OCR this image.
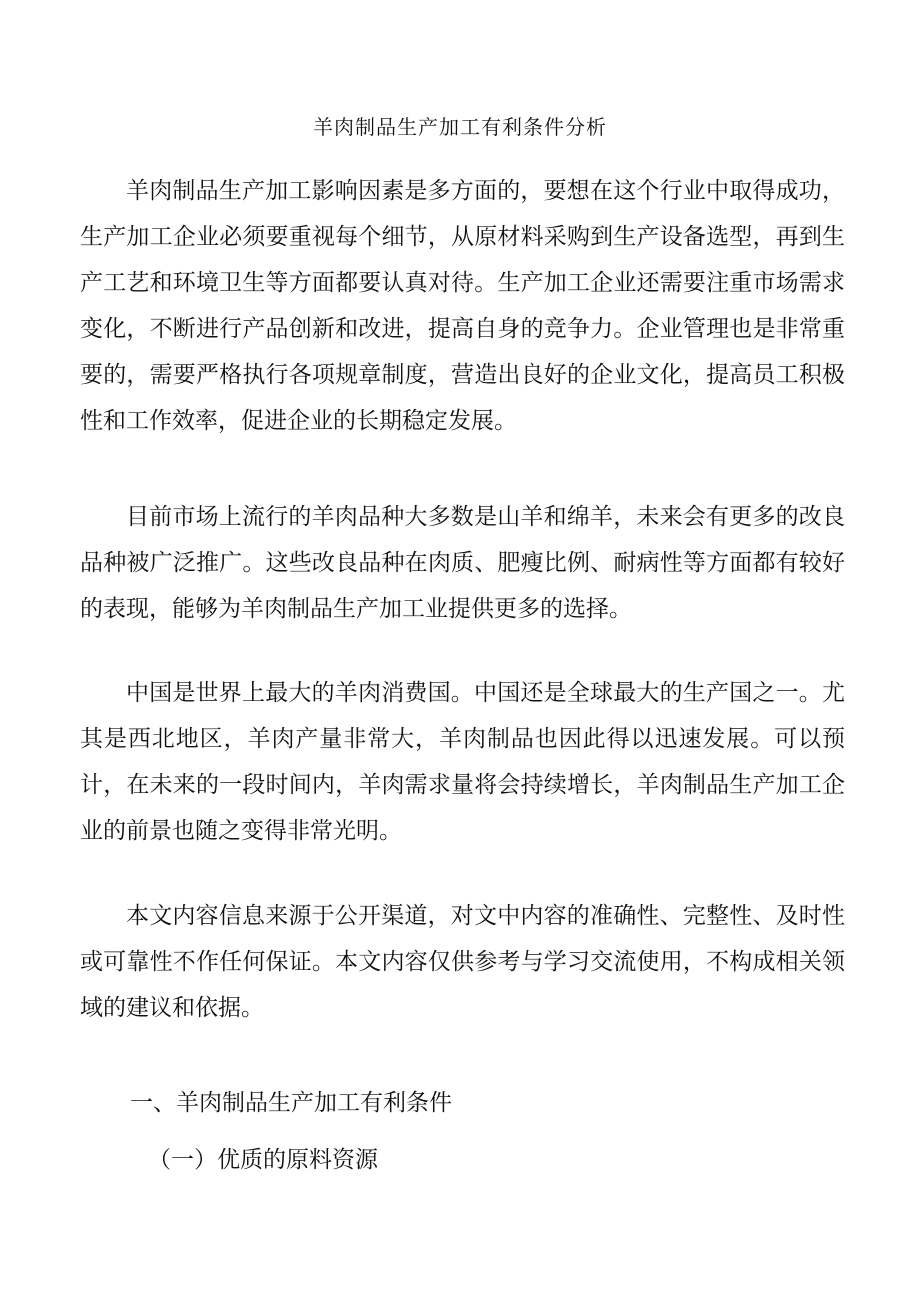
羊肉制品生产加工有利条件分析

羊肉制品生产加工影响因素是多方面的，要想在这个行业中取得成功，生产加工企业必须要重视每个细节，从原材料采购到生产设备选型，再到生产工艺和环境卫生等方面都要认真对待。生产加工企业还需要注重市场需求变化，不断进行产品创新和改进，提高自身的竞争力。企业管理也是非常重要的，需要严格执行各项规章制度，营造出良好的企业文化，提高员工积极性和工作效率，促进企业的长期稳定发展。

目前市场上流行的羊肉品种大多数是山羊和绵羊，未来会有更多的改良品种被广泛推广。这些改良品种在肉质、肥瘦比例、耐病性等方面都有较好的表现，能够为羊肉制品生产加工业提供更多的选择。

中国是世界上最大的羊肉消费国。中国还是全球最大的生产国之一。尤其是西北地区，羊肉产量非常大，羊肉制品也因此得以迅速发展。可以预计，在未来的一段时间内，羊肉需求量将会持续增长，羊肉制品生产加工企业的前景也随之变得非常光明。

本文内容信息来源于公开渠道，对文中内容的准确性、完整性、及时性或可靠性不作任何保证。本文内容仅供参考与学习交流使用，不构成相关领域的建议和依据。

一、羊肉制品生产加工有利条件
（一）优质的原料资源
